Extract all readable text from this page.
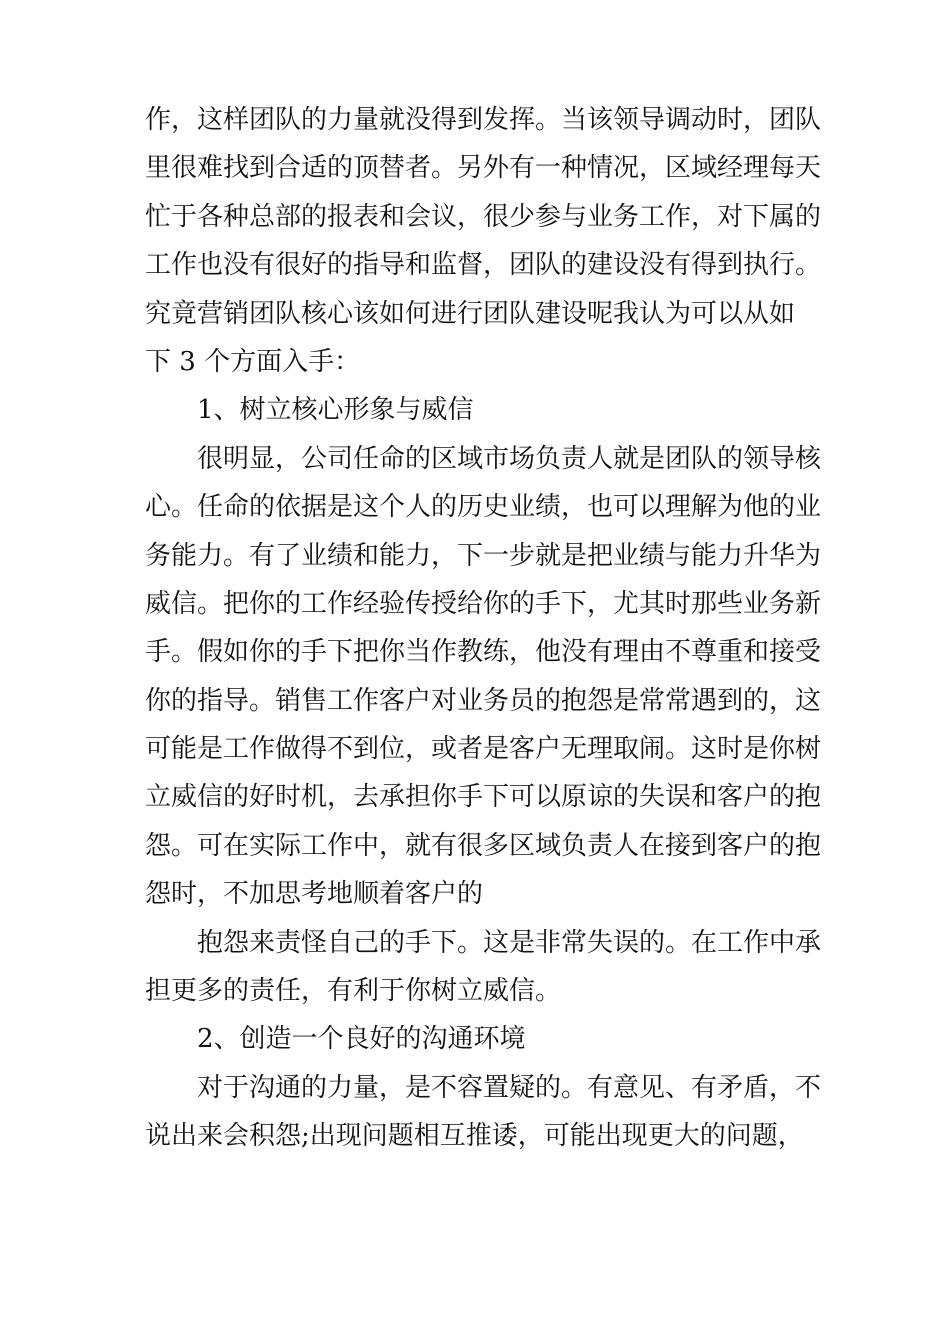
作，这样团队的力量就没得到发挥。当该领导调动时，团队
里很难找到合适的顶替者。另外有一种情况，区域经理每天
忙于各种总部的报表和会议，很少参与业务工作，对下属的
工作也没有很好的指导和监督，团队的建设没有得到执行。
究竟营销团队核心该如何进行团队建设呢我认为可以从如
下 3 个方面入手：
1、树立核心形象与威信
很明显，公司任命的区域市场负责人就是团队的领导核
心。任命的依据是这个人的历史业绩，也可以理解为他的业
务能力。有了业绩和能力，下一步就是把业绩与能力升华为
威信。把你的工作经验传授给你的手下，尤其时那些业务新
手。假如你的手下把你当作教练，他没有理由不尊重和接受
你的指导。销售工作客户对业务员的抱怨是常常遇到的，这
可能是工作做得不到位，或者是客户无理取闹。这时是你树
立威信的好时机，去承担你手下可以原谅的失误和客户的抱
怨。可在实际工作中，就有很多区域负责人在接到客户的抱
怨时，不加思考地顺着客户的
抱怨来责怪自己的手下。这是非常失误的。在工作中承
担更多的责任，有利于你树立威信。
2、创造一个良好的沟通环境
对于沟通的力量，是不容置疑的。有意见、有矛盾，不
说出来会积怨;出现问题相互推诿，可能出现更大的问题，
